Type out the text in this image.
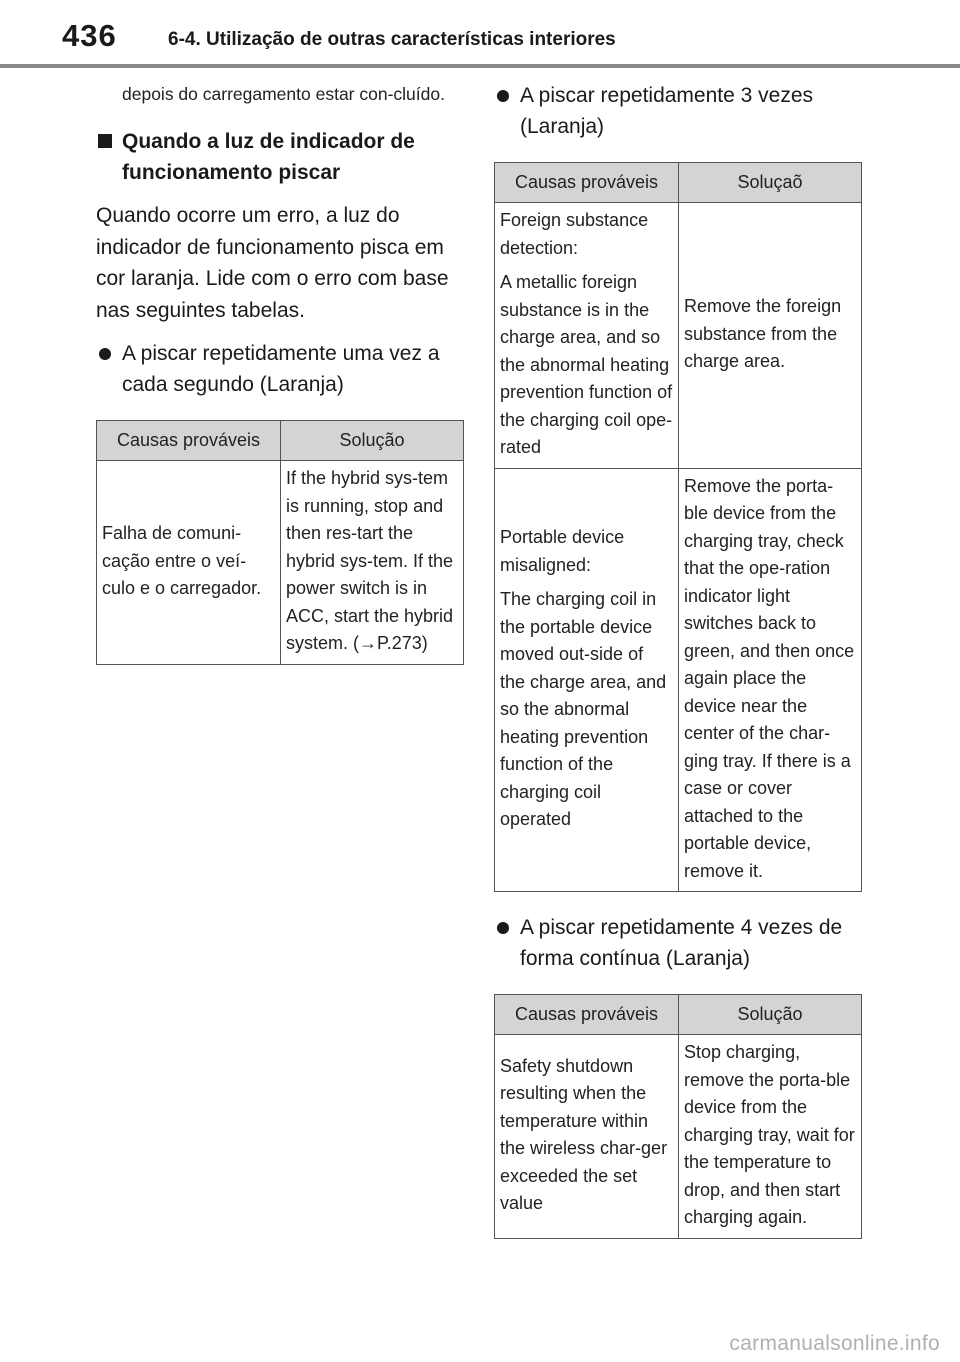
436	6-4. Utilização de outras características interiores
depois do carregamento estar con-cluído.
Quando a luz de indicador de funcionamento piscar
Quando ocorre um erro, a luz do indicador de funcionamento pisca em cor laranja. Lide com o erro com base nas seguintes tabelas.
A piscar repetidamente uma vez a cada segundo (Laranja)
Causas prováveis	Solução

Falha de comuni-cação entre o veí-culo e o carregador.	If the hybrid sys-tem is running, stop and then res-tart the hybrid sys-tem. If the power switch is in ACC, start the hybrid system. (→P.273)
A piscar repetidamente 3 vezes (Laranja)
Causas prováveis	Soluçaõ

Foreign substance detection:
A metallic foreign substance is in the charge area, and so the abnormal heating prevention function of the charging coil ope-rated	Remove the foreign substance from the charge area.

Portable device misaligned:
The charging coil in the portable device moved out-side of the charge area, and so the abnormal heating prevention function of the charging coil operated	Remove the porta-ble device from the charging tray, check that the ope-ration indicator light switches back to green, and then once again place the device near the center of the char-ging tray. If there is a case or cover attached to the portable device, remove it.
A piscar repetidamente 4 vezes de forma contínua (Laranja)
Causas prováveis	Solução

Safety shutdown resulting when the temperature within the wireless char-ger exceeded the set value	Stop charging, remove the porta-ble device from the charging tray, wait for the temperature to drop, and then start charging again.
carmanualsonline.info
